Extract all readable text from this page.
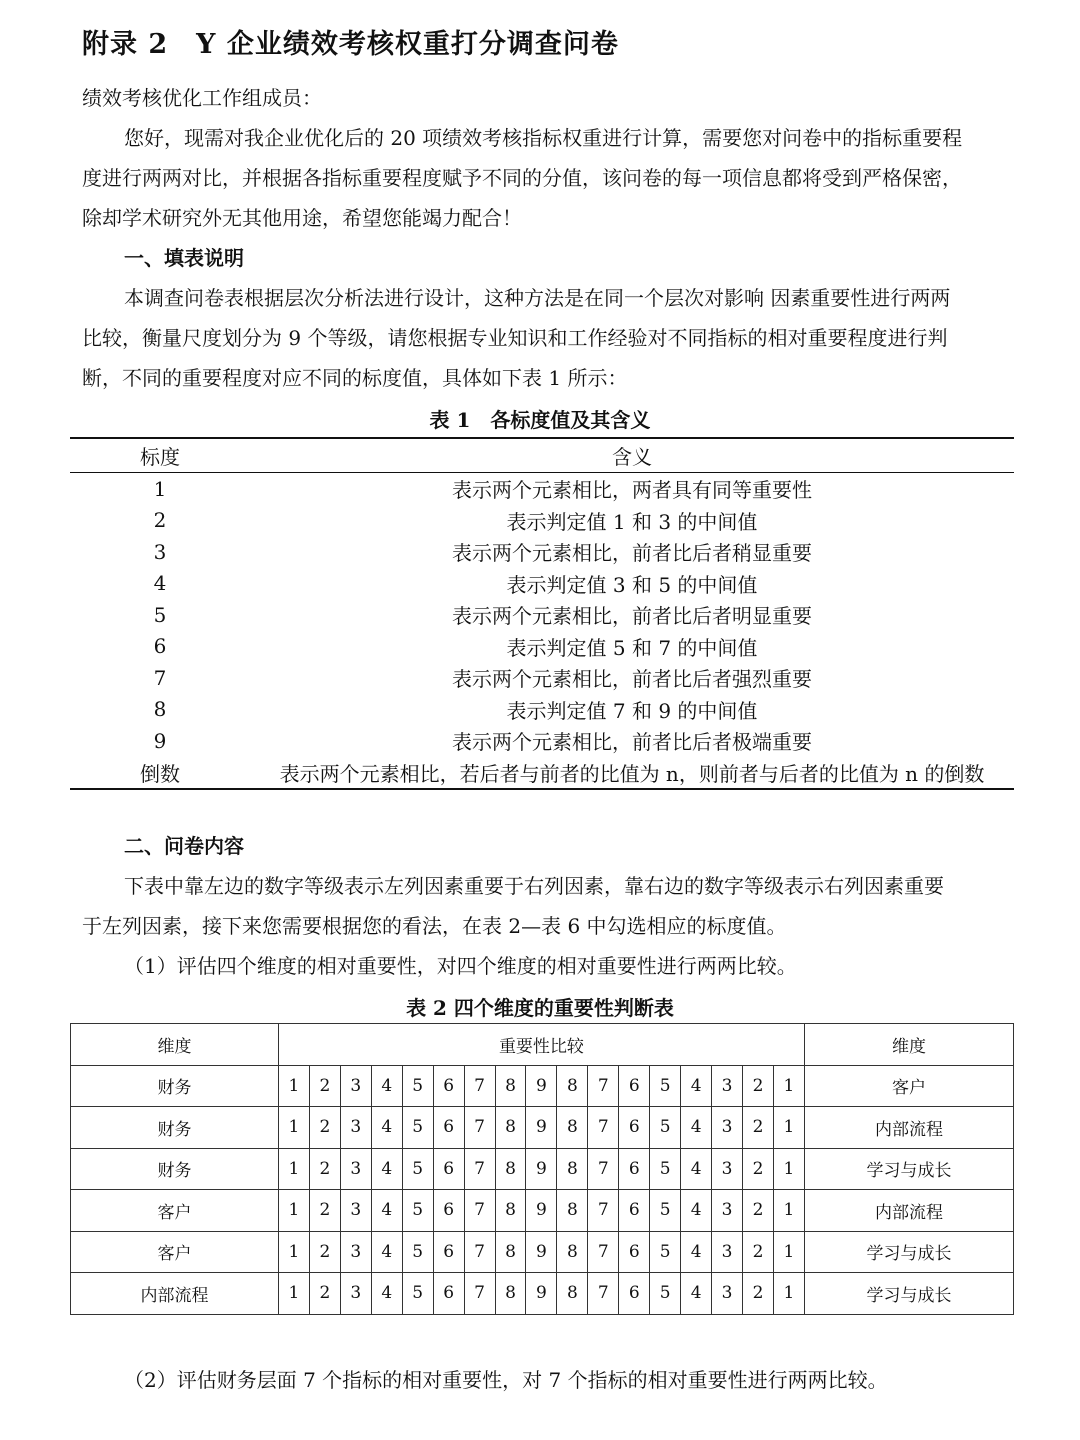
附录 2　Y 企业绩效考核权重打分调查问卷
绩效考核优化工作组成员：
您好，现需对我企业优化后的 20 项绩效考核指标权重进行计算，需要您对问卷中的指标重要程
度进行两两对比，并根据各指标重要程度赋予不同的分值，该问卷的每一项信息都将受到严格保密，
除却学术研究外无其他用途，希望您能竭力配合！
一、填表说明
本调查问卷表根据层次分析法进行设计，这种方法是在同一个层次对影响 因素重要性进行两两
比较，衡量尺度划分为 9 个等级，请您根据专业知识和工作经验对不同指标的相对重要程度进行判
断，不同的重要程度对应不同的标度值，具体如下表 1 所示：
表 1　各标度值及其含义
标度	含义
1	表示两个元素相比，两者具有同等重要性
2	表示判定值 1 和 3 的中间值
3	表示两个元素相比，前者比后者稍显重要
4	表示判定值 3 和 5 的中间值
5	表示两个元素相比，前者比后者明显重要
6	表示判定值 5 和 7 的中间值
7	表示两个元素相比，前者比后者强烈重要
8	表示判定值 7 和 9 的中间值
9	表示两个元素相比，前者比后者极端重要
倒数	表示两个元素相比，若后者与前者的比值为 n，则前者与后者的比值为 n 的倒数
二、问卷内容
下表中靠左边的数字等级表示左列因素重要于右列因素，靠右边的数字等级表示右列因素重要
于左列因素，接下来您需要根据您的看法，在表 2—表 6 中勾选相应的标度值。
（1）评估四个维度的相对重要性，对四个维度的相对重要性进行两两比较。
表 2 四个维度的重要性判断表
维度	重要性比较																	维度
财务	1	2	3	4	5	6	7	8	9	8	7	6	5	4	3	2	1	客户
财务	1	2	3	4	5	6	7	8	9	8	7	6	5	4	3	2	1	内部流程
财务	1	2	3	4	5	6	7	8	9	8	7	6	5	4	3	2	1	学习与成长
客户	1	2	3	4	5	6	7	8	9	8	7	6	5	4	3	2	1	内部流程
客户	1	2	3	4	5	6	7	8	9	8	7	6	5	4	3	2	1	学习与成长
内部流程	1	2	3	4	5	6	7	8	9	8	7	6	5	4	3	2	1	学习与成长
（2）评估财务层面 7 个指标的相对重要性，对 7 个指标的相对重要性进行两两比较。
